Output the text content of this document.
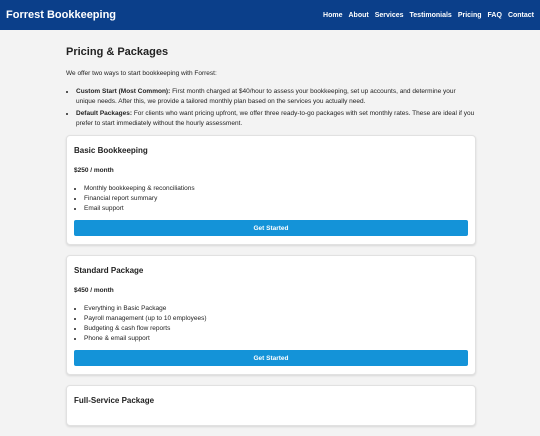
Forrest Bookkeeping	Home About Services Testimonials Pricing FAQ Contact
Pricing & Packages
We offer two ways to start bookkeeping with Forrest:
• Custom Start (Most Common): First month charged at $40/hour to assess your bookkeeping, set up accounts, and determine your unique needs. After this, we provide a tailored monthly plan based on the services you actually need.
• Default Packages: For clients who want pricing upfront, we offer three ready-to-go packages with set monthly rates. These are ideal if you prefer to start immediately without the hourly assessment.
Basic Bookkeeping
$250 / month
• Monthly bookkeeping & reconciliations
• Financial report summary
• Email support
Get Started
Standard Package
$450 / month
• Everything in Basic Package
• Payroll management (up to 10 employees)
• Budgeting & cash flow reports
• Phone & email support
Get Started
Full-Service Package
